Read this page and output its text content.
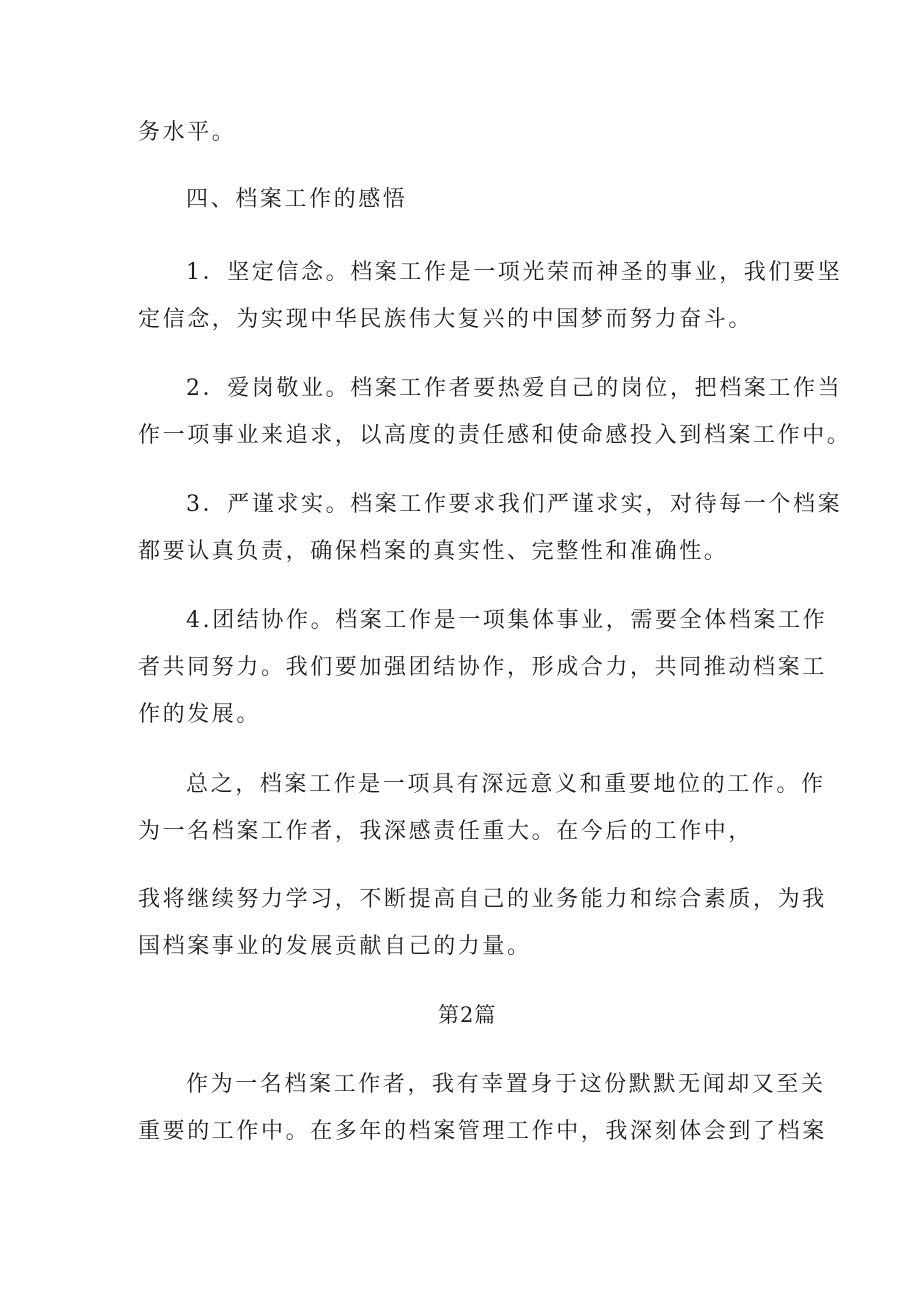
务水平。
四、档案工作的感悟
1．坚定信念。档案工作是一项光荣而神圣的事业，我们要坚
定信念，为实现中华民族伟大复兴的中国梦而努力奋斗。
2．爱岗敬业。档案工作者要热爱自己的岗位，把档案工作当
作一项事业来追求，以高度的责任感和使命感投入到档案工作中。
3．严谨求实。档案工作要求我们严谨求实，对待每一个档案
都要认真负责，确保档案的真实性、完整性和准确性。
4.团结协作。档案工作是一项集体事业，需要全体档案工作
者共同努力。我们要加强团结协作，形成合力，共同推动档案工
作的发展。
总之，档案工作是一项具有深远意义和重要地位的工作。作
为一名档案工作者，我深感责任重大。在今后的工作中，
我将继续努力学习，不断提高自己的业务能力和综合素质，为我
国档案事业的发展贡献自己的力量。
第2篇
作为一名档案工作者，我有幸置身于这份默默无闻却又至关
重要的工作中。在多年的档案管理工作中，我深刻体会到了档案
